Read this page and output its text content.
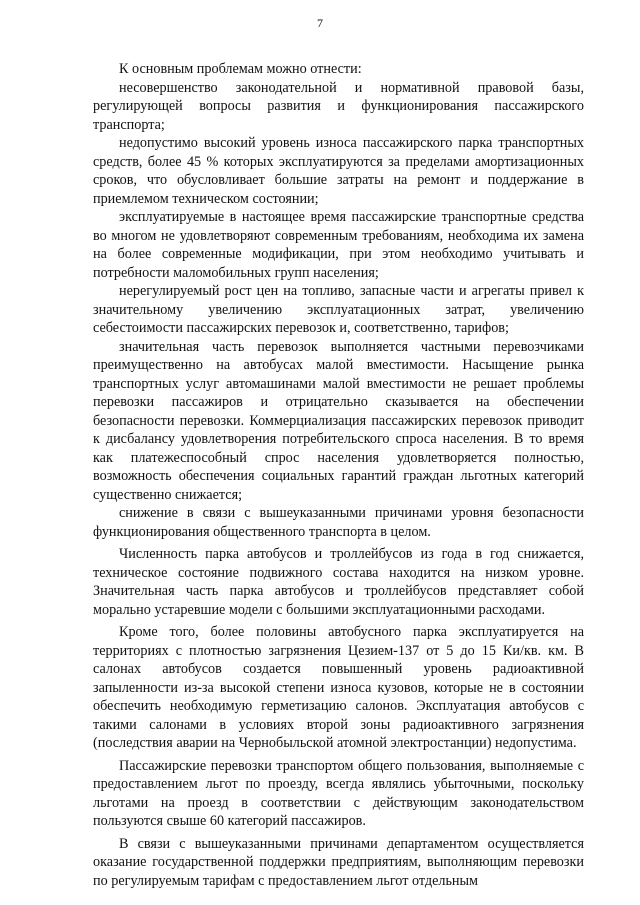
7

К основным проблемам можно отнести:

несовершенство законодательной и нормативной правовой базы, регулирующей вопросы развития и функционирования пассажирского транспорта;

недопустимо высокий уровень износа пассажирского парка транспортных средств, более 45 % которых эксплуатируются за пределами амортизационных сроков, что обусловливает большие затраты на ремонт и поддержание в приемлемом техническом состоянии;

эксплуатируемые в настоящее время пассажирские транспортные средства во многом не удовлетворяют современным требованиям, необходима их замена на более современные модификации, при этом необходимо учитывать и потребности маломобильных групп населения;

нерегулируемый рост цен на топливо, запасные части и агрегаты привел к значительному увеличению эксплуатационных затрат, увеличению себестоимости пассажирских перевозок и, соответственно, тарифов;

значительная часть перевозок выполняется частными перевозчиками преимущественно на автобусах малой вместимости. Насыщение рынка транспортных услуг автомашинами малой вместимости не решает проблемы перевозки пассажиров и отрицательно сказывается на обеспечении безопасности перевозки. Коммерциализация пассажирских перевозок приводит к дисбалансу удовлетворения потребительского спроса населения. В то время как платежеспособный спрос населения удовлетворяется полностью, возможность обеспечения социальных гарантий граждан льготных категорий существенно снижается;

снижение в связи с вышеуказанными причинами уровня безопасности функционирования общественного транспорта в целом.

Численность парка автобусов и троллейбусов из года в год снижается, техническое состояние подвижного состава находится на низком уровне. Значительная часть парка автобусов и троллейбусов представляет собой морально устаревшие модели с большими эксплуатационными расходами.

Кроме того, более половины автобусного парка эксплуатируется на территориях с плотностью загрязнения Цезием-137 от 5 до 15 Ки/кв. км. В салонах автобусов создается повышенный уровень радиоактивной запыленности из-за высокой степени износа кузовов, которые не в состоянии обеспечить необходимую герметизацию салонов. Эксплуатация автобусов с такими салонами в условиях второй зоны радиоактивного загрязнения (последствия аварии на Чернобыльской атомной электростанции) недопустима.

Пассажирские перевозки транспортом общего пользования, выполняемые с предоставлением льгот по проезду, всегда являлись убыточными, поскольку льготами на проезд в соответствии с действующим законодательством пользуются свыше 60 категорий пассажиров.

В связи с вышеуказанными причинами департаментом осуществляется оказание государственной поддержки предприятиям, выполняющим перевозки по регулируемым тарифам с предоставлением льгот отдельным
